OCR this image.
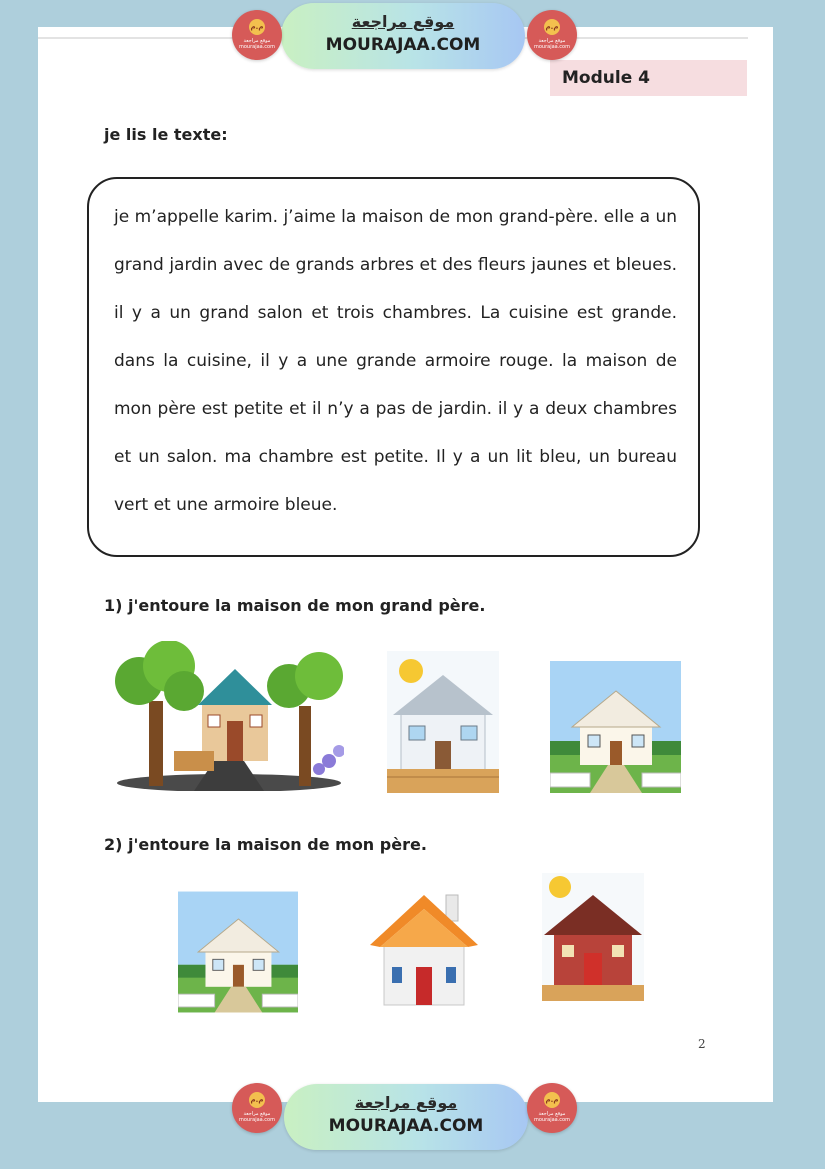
Module 4
je lis le texte:

je m’appelle karim. j’aime la maison de mon grand-père. elle a un grand jardin avec de grands arbres et des fleurs jaunes et bleues. il y a un grand salon et trois chambres. La cuisine est grande. dans la cuisine, il y a une grande armoire rouge. la maison de mon père est petite et il n’y a pas de jardin. il y a deux chambres et un salon. ma chambre est petite. Il y a un lit bleu, un bureau vert et une armoire bleue.

1) j'entoure la maison de mon grand père.
2) j'entoure la maison de mon père.
2
موقع مراجعة
MOURAJAA.COM
م.م
موقع مراجعة
mourajaa.com
م.م
موقع مراجعة
mourajaa.com
موقع مراجعة
MOURAJAA.COM
م.م
موقع مراجعة
mourajaa.com
م.م
موقع مراجعة
mourajaa.com
